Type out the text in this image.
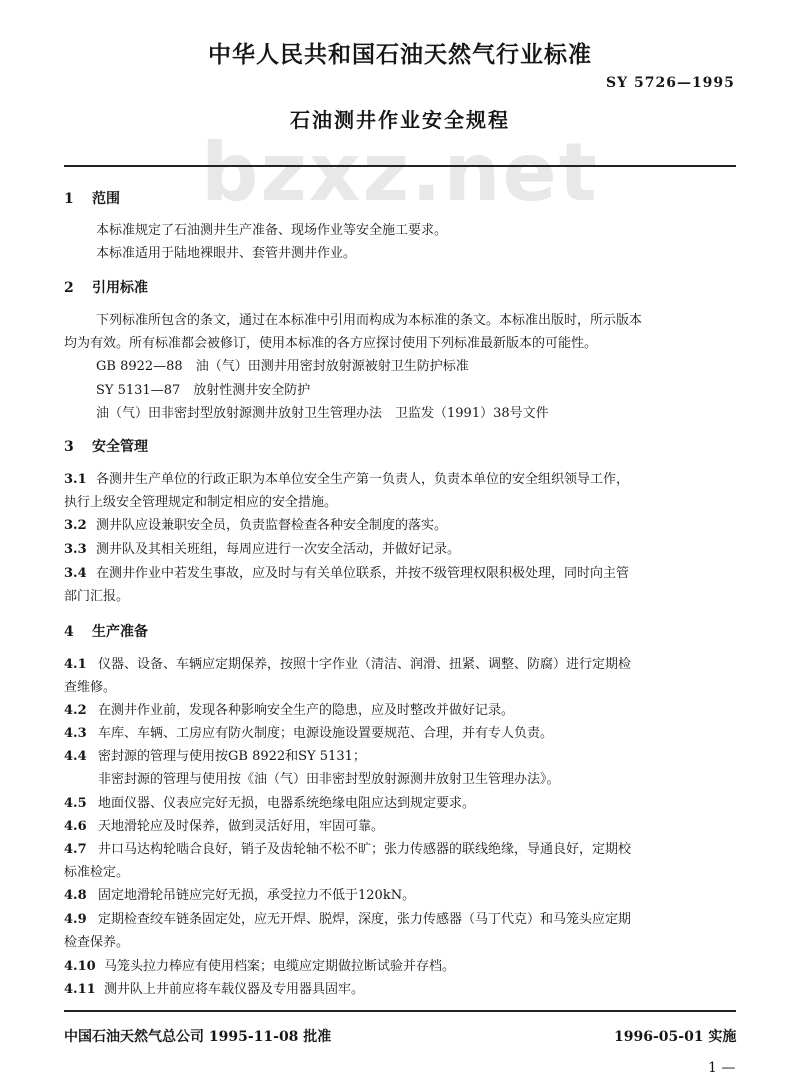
bzxz.net
中华人民共和国石油天然气行业标准
SY 5726—1995
石油测井作业安全规程
1 范围
本标准规定了石油测井生产准备、现场作业等安全施工要求。
本标准适用于陆地裸眼井、套管井测井作业。
2 引用标准
下列标准所包含的条文，通过在本标准中引用而构成为本标准的条文。本标准出版时，所示版本
均为有效。所有标准都会被修订，使用本标准的各方应探讨使用下列标准最新版本的可能性。
GB 8922—88　油（气）田测井用密封放射源被射卫生防护标准
SY 5131—87　放射性测井安全防护
油（气）田非密封型放射源测井放射卫生管理办法　卫监发（1991）38号文件
3 安全管理
3.1 各测井生产单位的行政正职为本单位安全生产第一负责人，负责本单位的安全组织领导工作，
执行上级安全管理规定和制定相应的安全措施。
3.2 测井队应设兼职安全员，负责监督检查各种安全制度的落实。
3.3 测井队及其相关班组，每周应进行一次安全活动，并做好记录。
3.4 在测井作业中若发生事故，应及时与有关单位联系，并按不级管理权限积极处理，同时向主管
部门汇报。
4 生产准备
4.1 仪器、设备、车辆应定期保养，按照十字作业（清洁、润滑、扭紧、调整、防腐）进行定期检
查维修。
4.2 在测井作业前，发现各种影响安全生产的隐患，应及时整改并做好记录。
4.3 车库、车辆、工房应有防火制度；电源设施设置要规范、合理，并有专人负责。
4.4 密封源的管理与使用按GB 8922和SY 5131；
非密封源的管理与使用按《油（气）田非密封型放射源测井放射卫生管理办法》。
4.5 地面仪器、仪表应完好无损，电器系统绝缘电阻应达到规定要求。
4.6 天地滑轮应及时保养，做到灵活好用，牢固可靠。
4.7 井口马达构轮啮合良好，销子及齿轮轴不松不旷；张力传感器的联线绝缘，导通良好，定期校
标准检定。
4.8 固定地滑轮吊链应完好无损，承受拉力不低于120kN。
4.9 定期检查绞车链条固定处，应无开焊、脱焊，深度，张力传感器（马丁代克）和马笼头应定期
检查保养。
4.10 马笼头拉力棒应有使用档案；电缆应定期做拉断试验并存档。
4.11 测井队上井前应将车载仪器及专用器具固牢。
中国石油天然气总公司 1995-11-08 批准	1996-05-01 实施
1 —
